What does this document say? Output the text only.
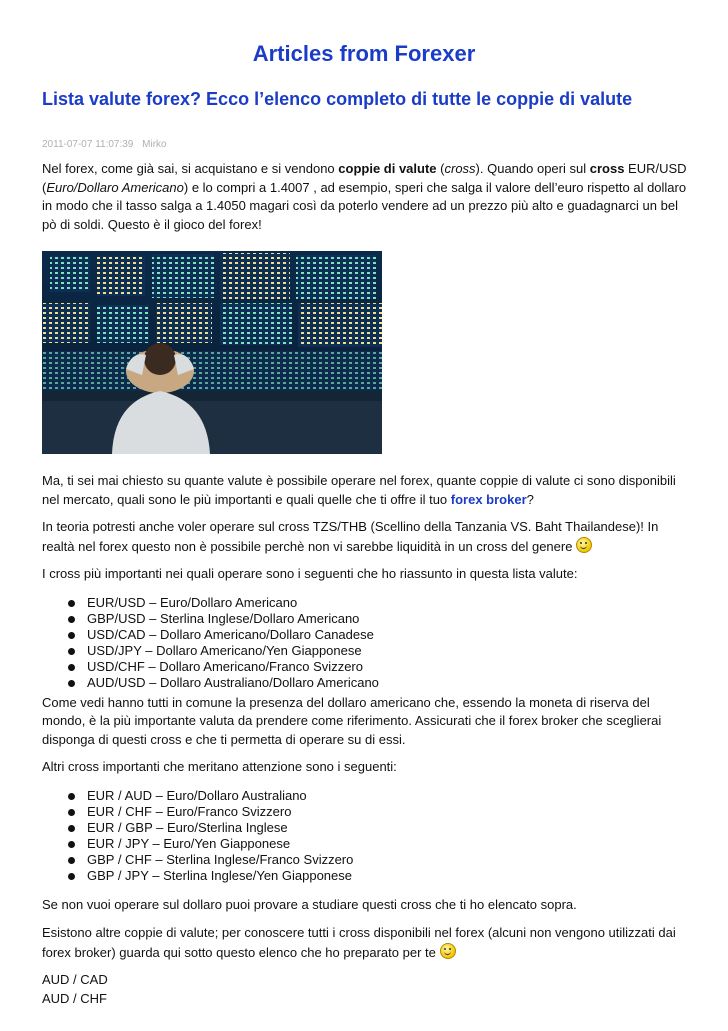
Articles from Forexer
Lista valute forex? Ecco l’elenco completo di tutte le coppie di valute
2011-07-07 11:07:39 Mirko

Nel forex, come già sai, si acquistano e si vendono coppie di valute (cross). Quando operi sul cross EUR/USD (Euro/Dollaro Americano) e lo compri a 1.4007 , ad esempio, speri che salga il valore dell’euro rispetto al dollaro in modo che il tasso salga a 1.4050 magari così da poterlo vendere ad un prezzo più alto e guadagnarci un bel pò di soldi. Questo è il gioco del forex!

Ma, ti sei mai chiesto su quante valute è possibile operare nel forex, quante coppie di valute ci sono disponibili nel mercato, quali sono le più importanti e quali quelle che ti offre il tuo forex broker?

In teoria potresti anche voler operare sul cross TZS/THB (Scellino della Tanzania VS. Baht Thailandese)! In realtà nel forex questo non è possibile perchè non vi sarebbe liquidità in un cross del genere

I cross più importanti nei quali operare sono i seguenti che ho riassunto in questa lista valute:

EUR/USD – Euro/Dollaro Americano
GBP/USD – Sterlina Inglese/Dollaro Americano
USD/CAD – Dollaro Americano/Dollaro Canadese
USD/JPY – Dollaro Americano/Yen Giapponese
USD/CHF – Dollaro Americano/Franco Svizzero
AUD/USD – Dollaro Australiano/Dollaro Americano

Come vedi hanno tutti in comune la presenza del dollaro americano che, essendo la moneta di riserva del mondo, è la più importante valuta da prendere come riferimento. Assicurati che il forex broker che sceglierai disponga di questi cross e che ti permetta di operare su di essi.

Altri cross importanti che meritano attenzione sono i seguenti:

EUR / AUD – Euro/Dollaro Australiano
EUR / CHF – Euro/Franco Svizzero
EUR / GBP – Euro/Sterlina Inglese
EUR / JPY – Euro/Yen Giapponese
GBP / CHF – Sterlina Inglese/Franco Svizzero
GBP / JPY – Sterlina Inglese/Yen Giapponese

Se non vuoi operare sul dollaro puoi provare a studiare questi cross che ti ho elencato sopra.

Esistono altre coppie di valute; per conoscere tutti i cross disponibili nel forex (alcuni non vengono utilizzati dai forex broker) guarda qui sotto questo elenco che ho preparato per te

AUD / CAD
AUD / CHF
